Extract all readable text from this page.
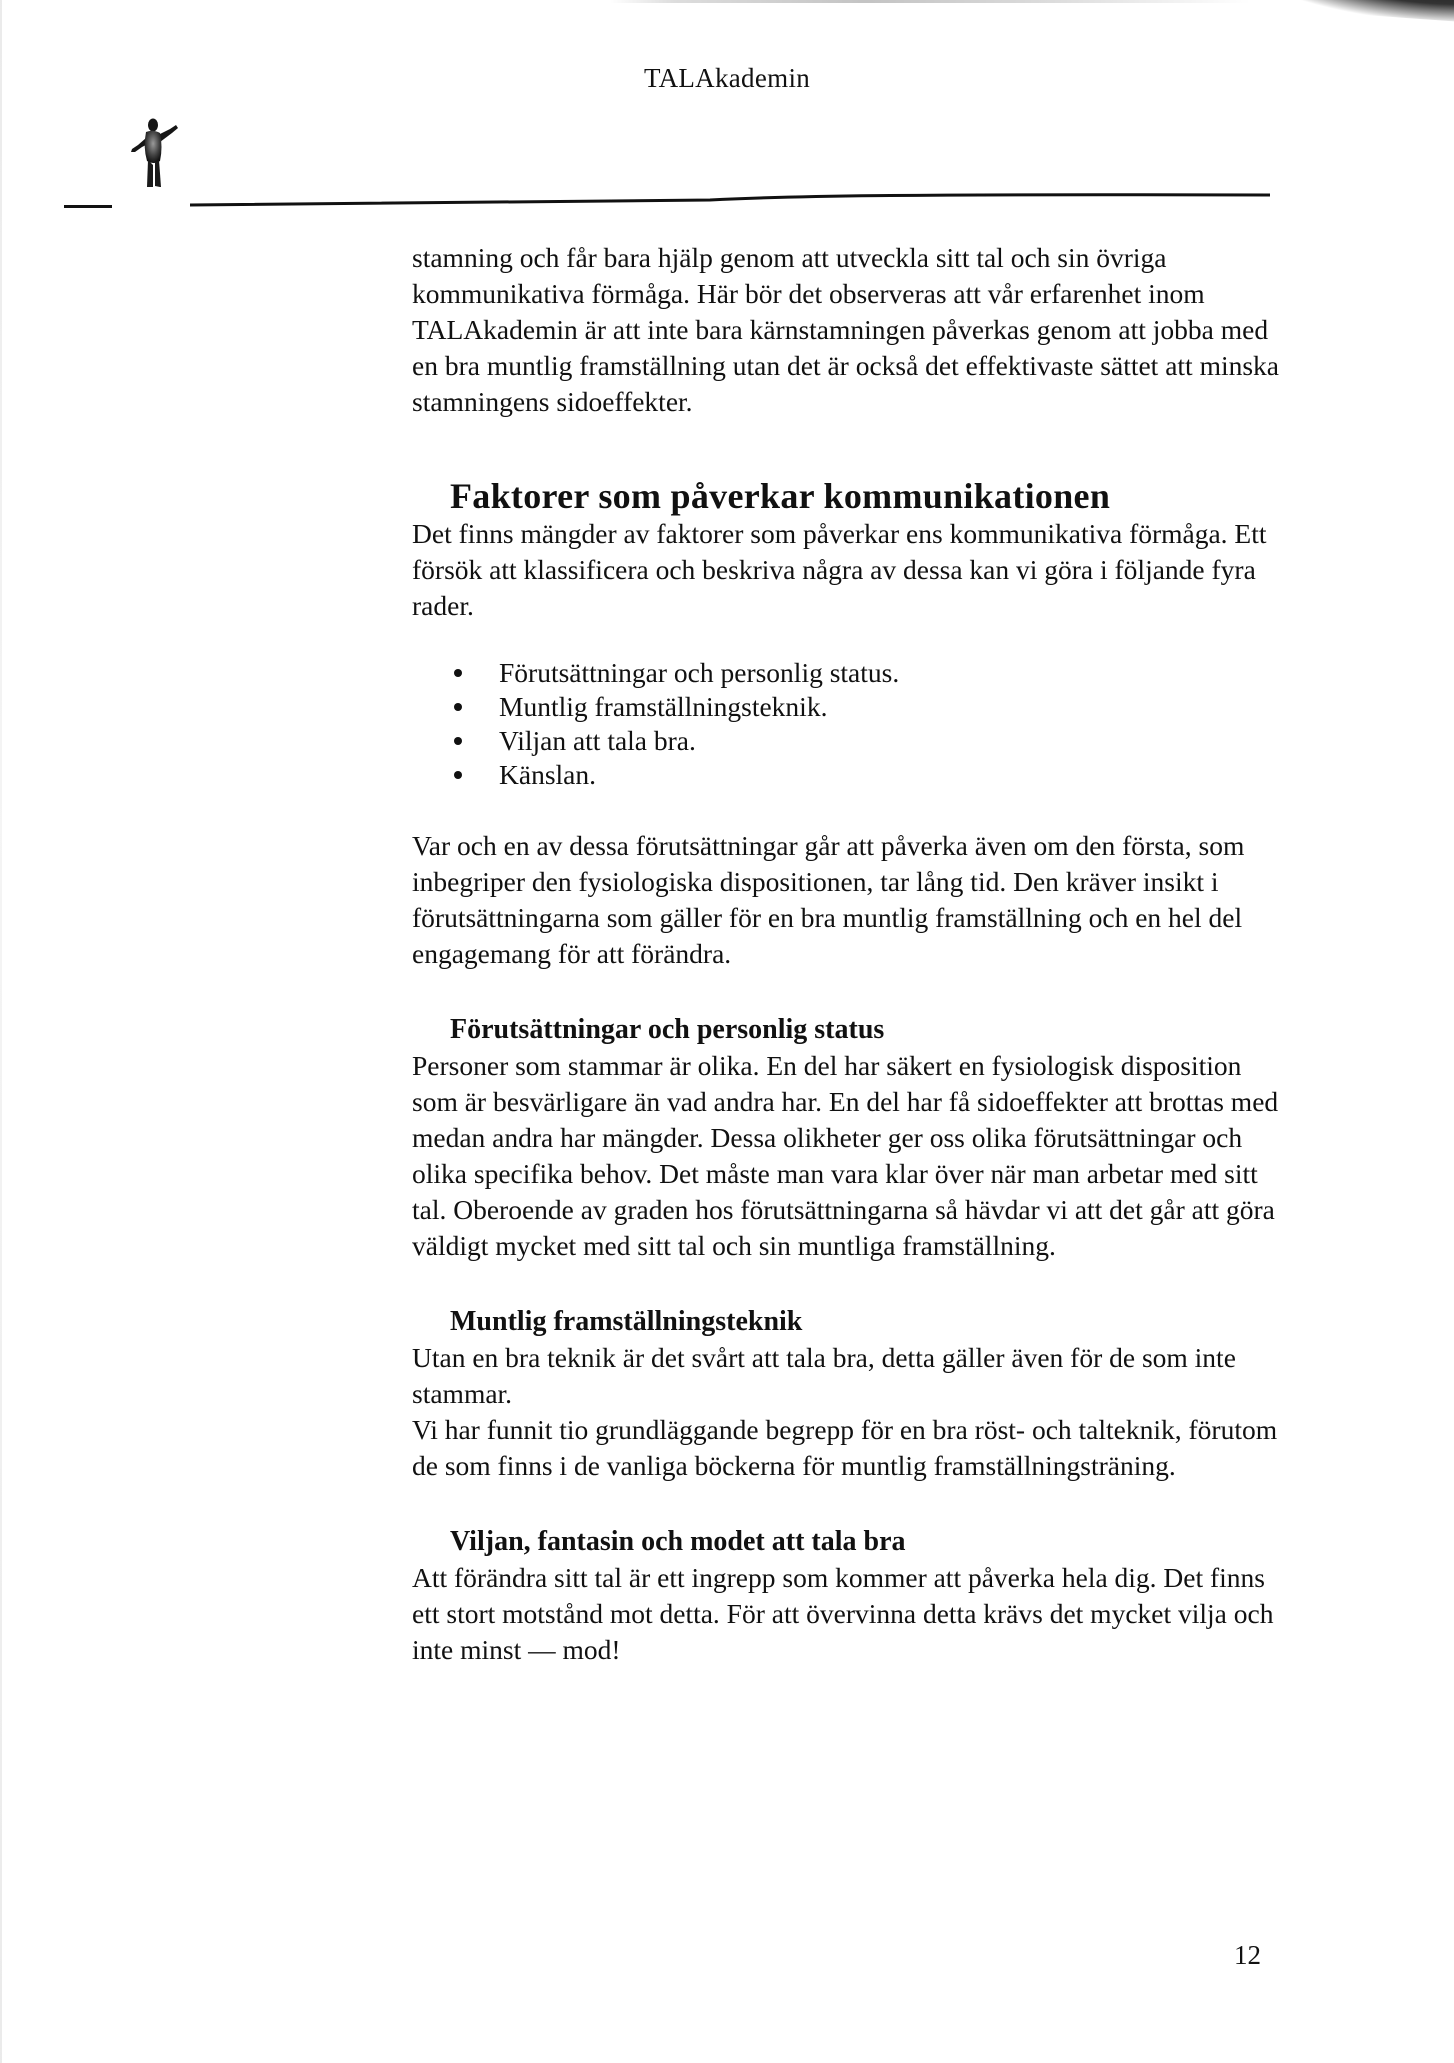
TALAkademin

stamning och får bara hjälp genom att utveckla sitt tal och sin övriga kommunikativa förmåga. Här bör det observeras att vår erfarenhet inom TALAkademin är att inte bara kärnstamningen påverkas genom att jobba med en bra muntlig framställning utan det är också det effektivaste sättet att minska stamningens sidoeffekter.

Faktorer som påverkar kommunikationen

Det finns mängder av faktorer som påverkar ens kommunikativa förmåga. Ett försök att klassificera och beskriva några av dessa kan vi göra i följande fyra rader.

Förutsättningar och personlig status.
Muntlig framställningsteknik.
Viljan att tala bra.
Känslan.

Var och en av dessa förutsättningar går att påverka även om den första, som inbegriper den fysiologiska dispositionen, tar lång tid. Den kräver insikt i förutsättningarna som gäller för en bra muntlig framställning och en hel del engagemang för att förändra.

Förutsättningar och personlig status

Personer som stammar är olika. En del har säkert en fysiologisk disposition som är besvärligare än vad andra har. En del har få sidoeffekter att brottas med medan andra har mängder. Dessa olikheter ger oss olika förutsättningar och olika specifika behov. Det måste man vara klar över när man arbetar med sitt tal. Oberoende av graden hos förutsättningarna så hävdar vi att det går att göra väldigt mycket med sitt tal och sin muntliga framställning.

Muntlig framställningsteknik

Utan en bra teknik är det svårt att tala bra, detta gäller även för de som inte stammar.

Vi har funnit tio grundläggande begrepp för en bra röst- och talteknik, förutom de som finns i de vanliga böckerna för muntlig framställningsträning.

Viljan, fantasin och modet att tala bra

Att förändra sitt tal är ett ingrepp som kommer att påverka hela dig. Det finns ett stort motstånd mot detta. För att övervinna detta krävs det mycket vilja och inte minst — mod!

12
